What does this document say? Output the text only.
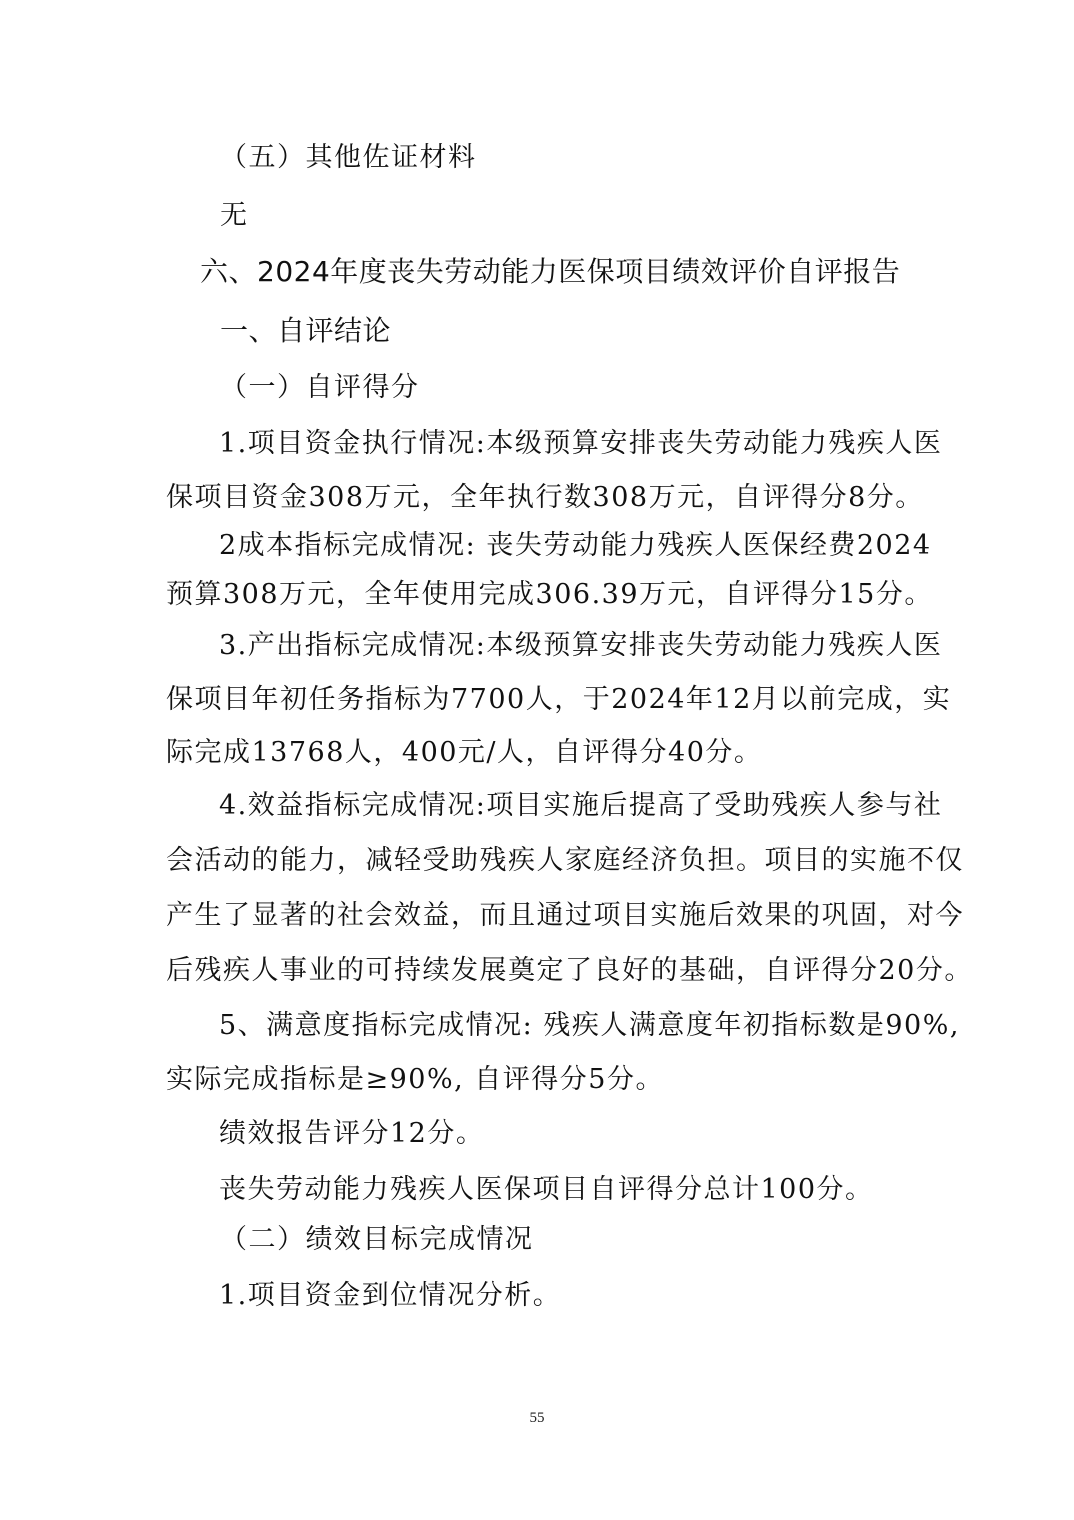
（五）其他佐证材料
无
六、2024年度丧失劳动能力医保项目绩效评价自评报告
一、自评结论
（一）自评得分
1.项目资金执行情况:本级预算安排丧失劳动能力残疾人医
保项目资金308万元，全年执行数308万元，自评得分8分。
2成本指标完成情况: 丧失劳动能力残疾人医保经费2024
预算308万元，全年使用完成306.39万元，自评得分15分。
3.产出指标完成情况:本级预算安排丧失劳动能力残疾人医
保项目年初任务指标为7700人，于2024年12月以前完成，实
际完成13768人，400元/人，自评得分40分。
4.效益指标完成情况:项目实施后提高了受助残疾人参与社
会活动的能力，减轻受助残疾人家庭经济负担。项目的实施不仅
产生了显著的社会效益，而且通过项目实施后效果的巩固，对今
后残疾人事业的可持续发展奠定了良好的基础，自评得分20分。
5、满意度指标完成情况: 残疾人满意度年初指标数是90%,
实际完成指标是≥90%, 自评得分5分。
绩效报告评分12分。
丧失劳动能力残疾人医保项目自评得分总计100分。
（二）绩效目标完成情况
1.项目资金到位情况分析。
55
